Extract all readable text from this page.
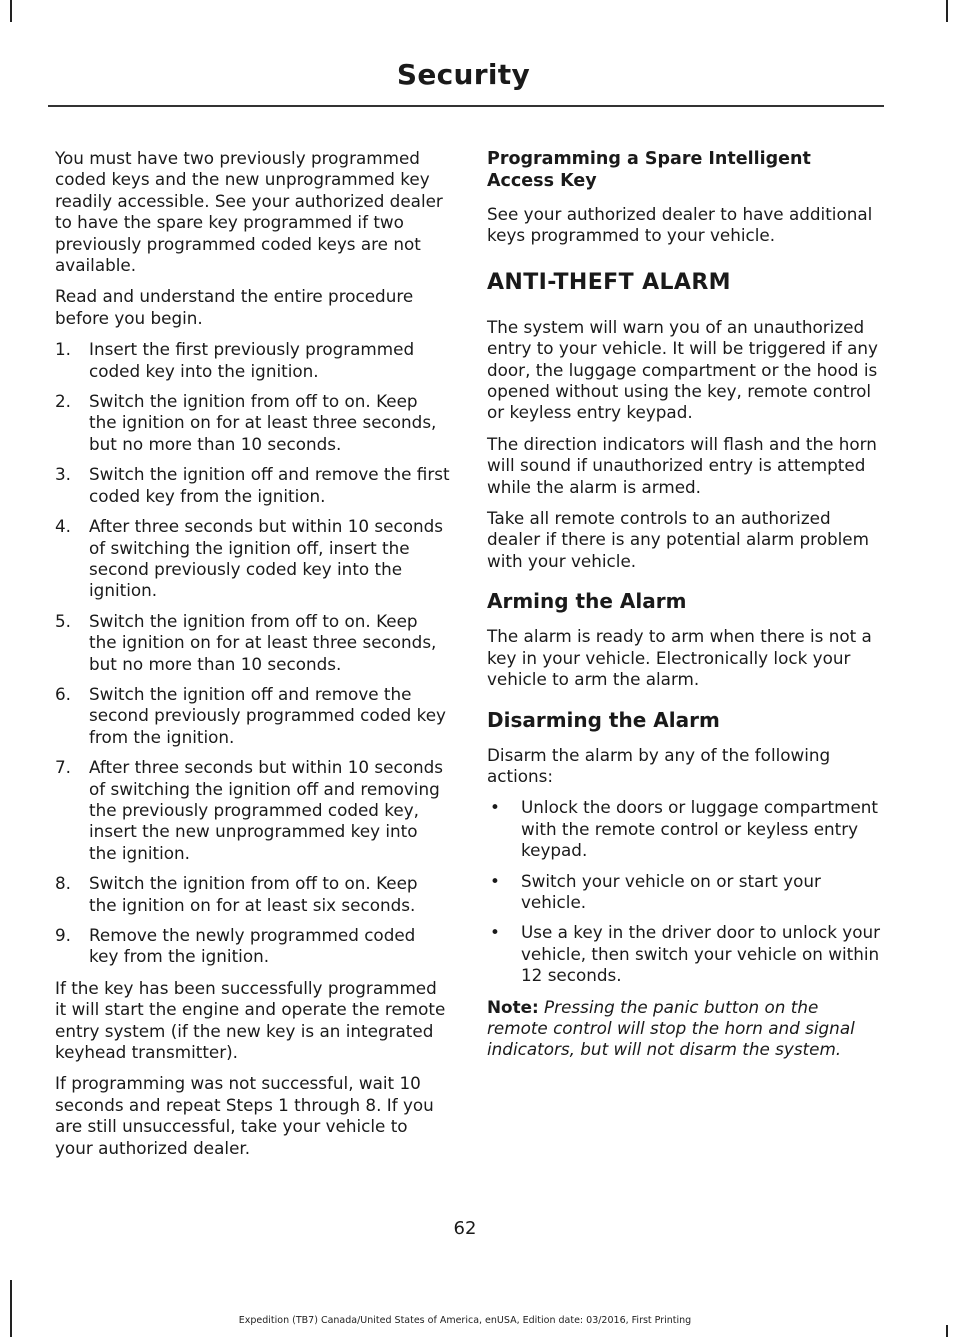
Security

You must have two previously programmed coded keys and the new unprogrammed key readily accessible. See your authorized dealer to have the spare key programmed if two previously programmed coded keys are not available.

Read and understand the entire procedure before you begin.

1. Insert the first previously programmed coded key into the ignition.
2. Switch the ignition from off to on. Keep the ignition on for at least three seconds, but no more than 10 seconds.
3. Switch the ignition off and remove the first coded key from the ignition.
4. After three seconds but within 10 seconds of switching the ignition off, insert the second previously coded key into the ignition.
5. Switch the ignition from off to on. Keep the ignition on for at least three seconds, but no more than 10 seconds.
6. Switch the ignition off and remove the second previously programmed coded key from the ignition.
7. After three seconds but within 10 seconds of switching the ignition off and removing the previously programmed coded key, insert the new unprogrammed key into the ignition.
8. Switch the ignition from off to on. Keep the ignition on for at least six seconds.
9. Remove the newly programmed coded key from the ignition.

If the key has been successfully programmed it will start the engine and operate the remote entry system (if the new key is an integrated keyhead transmitter).

If programming was not successful, wait 10 seconds and repeat Steps 1 through 8. If you are still unsuccessful, take your vehicle to your authorized dealer.

Programming a Spare Intelligent Access Key

See your authorized dealer to have additional keys programmed to your vehicle.

ANTI-THEFT ALARM

The system will warn you of an unauthorized entry to your vehicle. It will be triggered if any door, the luggage compartment or the hood is opened without using the key, remote control or keyless entry keypad.

The direction indicators will flash and the horn will sound if unauthorized entry is attempted while the alarm is armed.

Take all remote controls to an authorized dealer if there is any potential alarm problem with your vehicle.

Arming the Alarm

The alarm is ready to arm when there is not a key in your vehicle. Electronically lock your vehicle to arm the alarm.

Disarming the Alarm

Disarm the alarm by any of the following actions:

• Unlock the doors or luggage compartment with the remote control or keyless entry keypad.
• Switch your vehicle on or start your vehicle.
• Use a key in the driver door to unlock your vehicle, then switch your vehicle on within 12 seconds.

Note: Pressing the panic button on the remote control will stop the horn and signal indicators, but will not disarm the system.

62
Expedition (TB7) Canada/United States of America, enUSA, Edition date: 03/2016, First Printing
